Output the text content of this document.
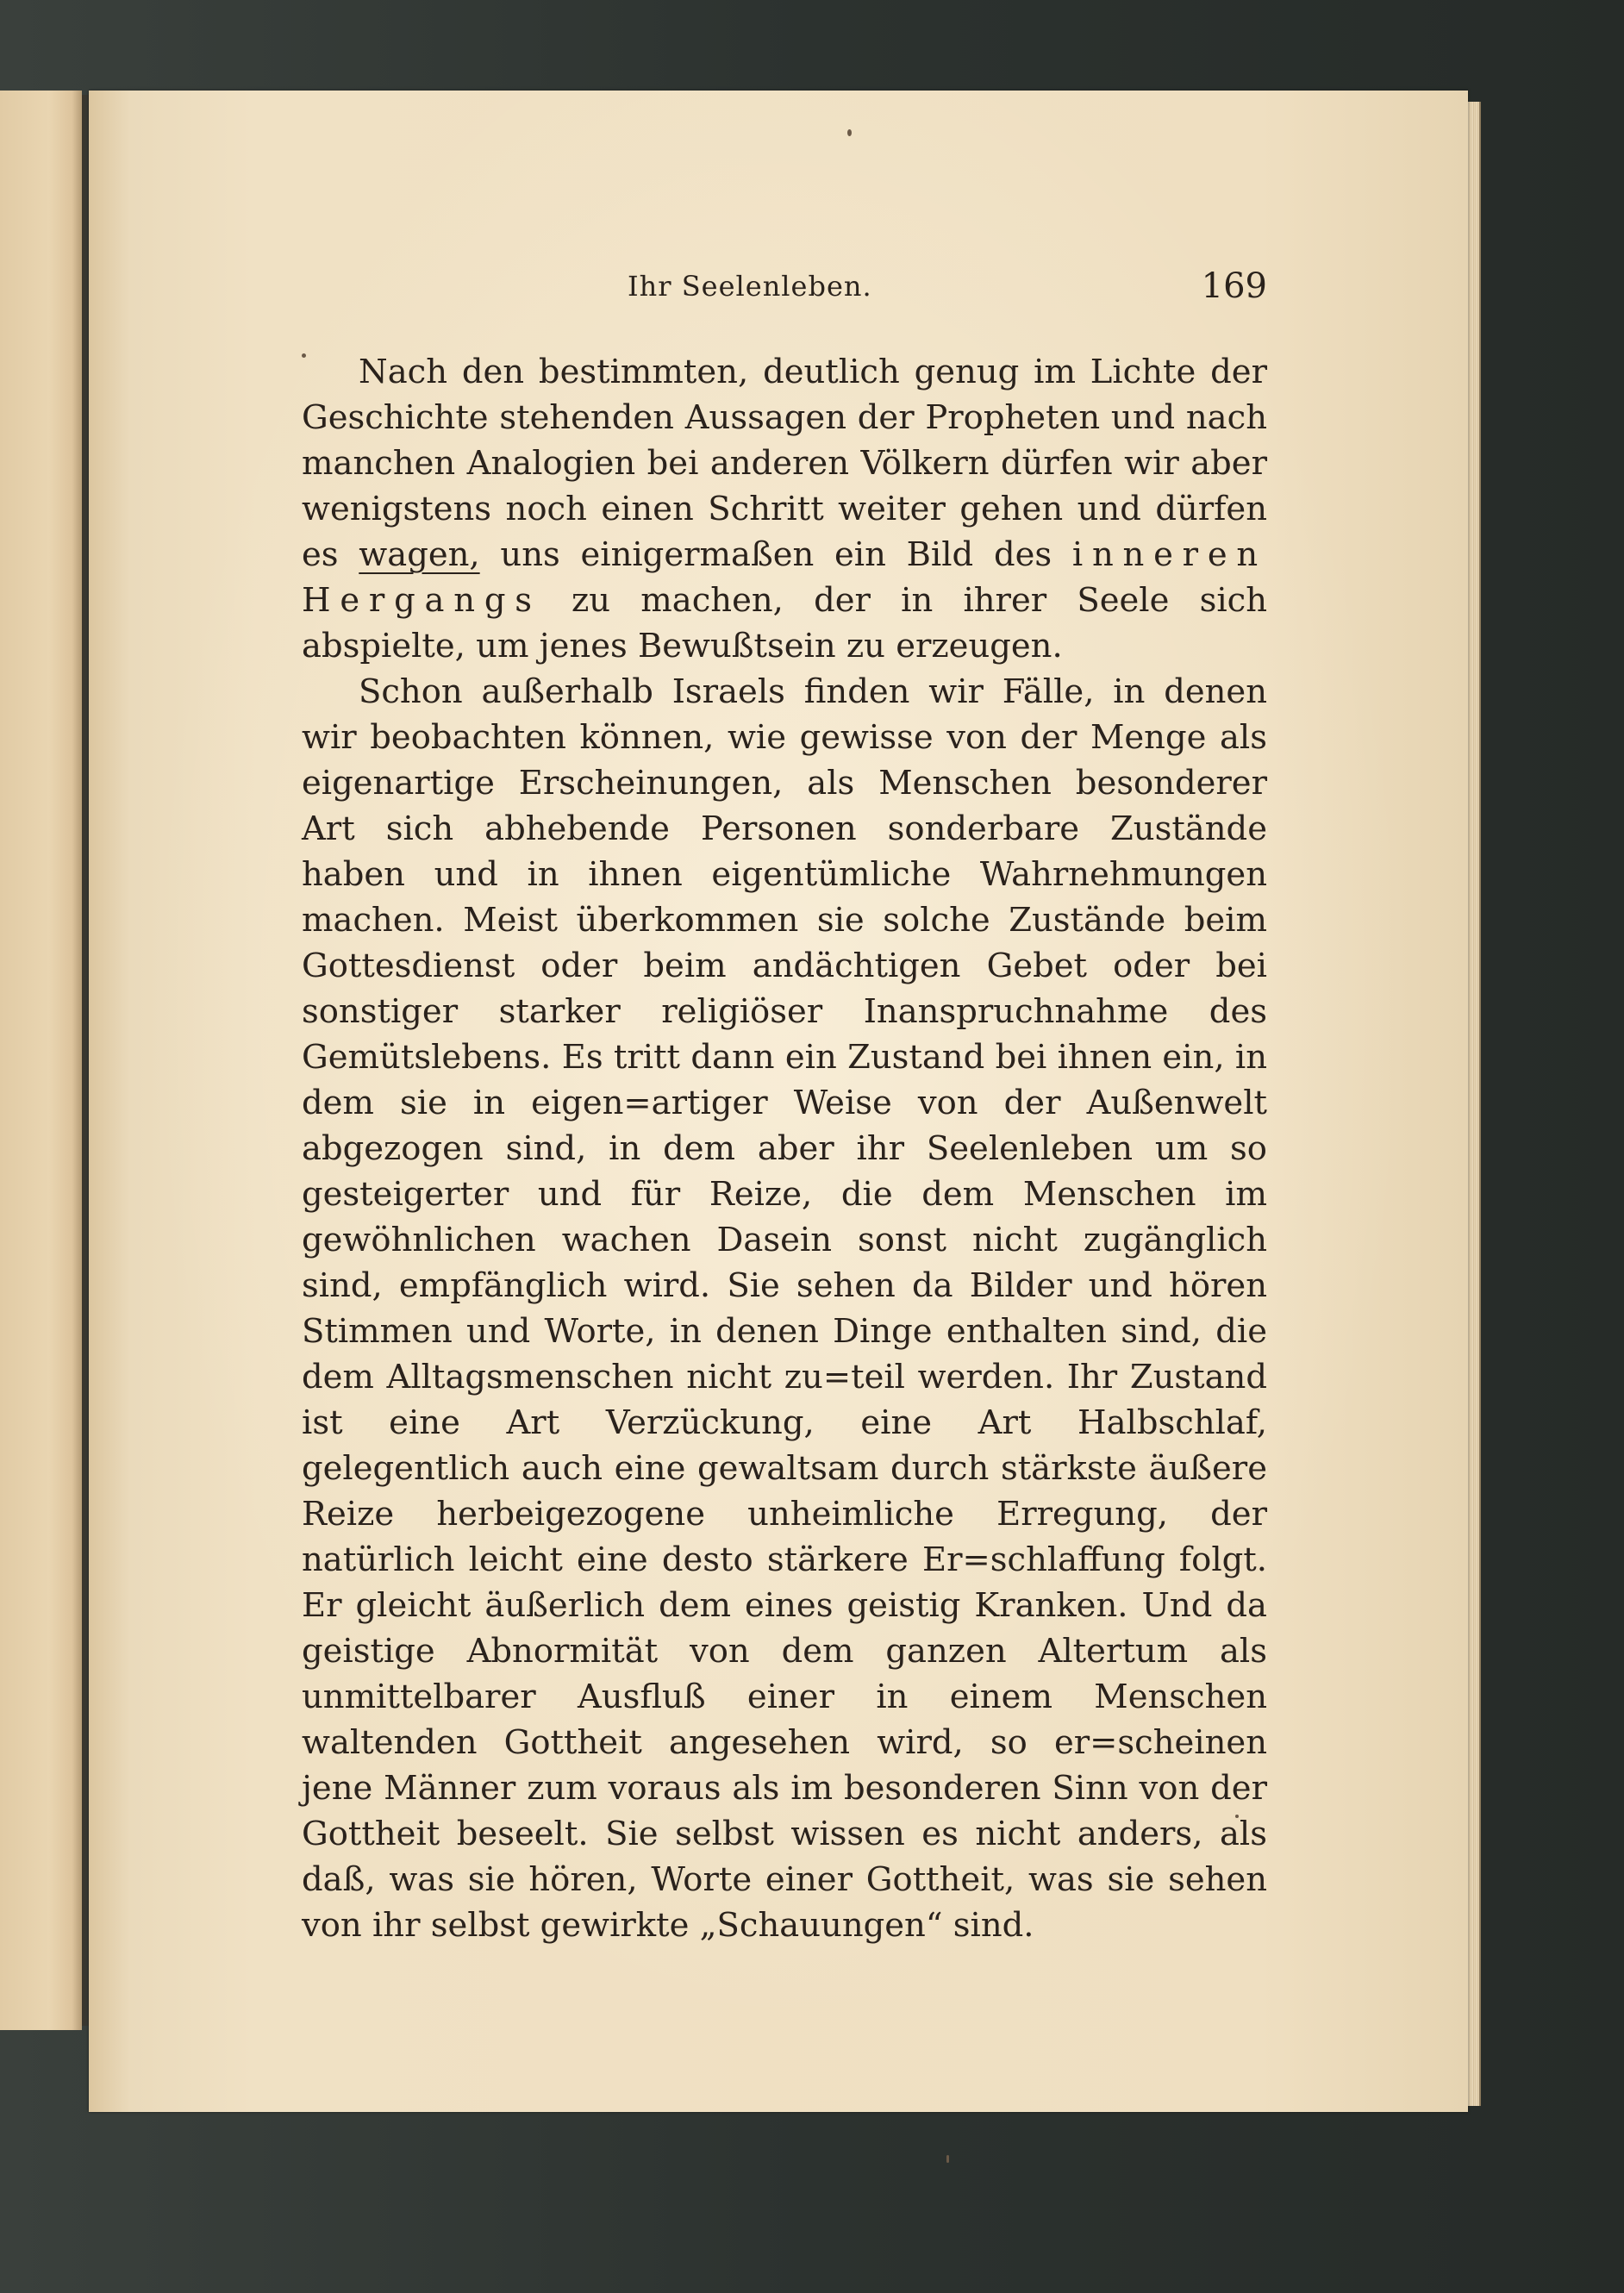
Ihr Seelenleben.	169

Nach den bestimmten, deutlich genug im Lichte der Geschichte stehenden Aussagen der Propheten und nach manchen Analogien bei anderen Völkern dürfen wir aber wenigstens noch einen Schritt weiter gehen und dürfen es wagen, uns einigermaßen ein Bild des inneren Hergangs zu machen, der in ihrer Seele sich abspielte, um jenes Bewußtsein zu erzeugen.

Schon außerhalb Israels finden wir Fälle, in denen wir beobachten können, wie gewisse von der Menge als eigenartige Erscheinungen, als Menschen besonderer Art sich abhebende Personen sonderbare Zustände haben und in ihnen eigentümliche Wahrnehmungen machen. Meist überkommen sie solche Zustände beim Gottesdienst oder beim andächtigen Gebet oder bei sonstiger starker religiöser Inanspruchnahme des Gemütslebens. Es tritt dann ein Zustand bei ihnen ein, in dem sie in eigen=artiger Weise von der Außenwelt abgezogen sind, in dem aber ihr Seelenleben um so gesteigerter und für Reize, die dem Menschen im gewöhnlichen wachen Dasein sonst nicht zugänglich sind, empfänglich wird. Sie sehen da Bilder und hören Stimmen und Worte, in denen Dinge enthalten sind, die dem Alltagsmenschen nicht zu=teil werden. Ihr Zustand ist eine Art Verzückung, eine Art Halbschlaf, gelegentlich auch eine gewaltsam durch stärkste äußere Reize herbeigezogene unheimliche Erregung, der natürlich leicht eine desto stärkere Er=schlaffung folgt. Er gleicht äußerlich dem eines geistig Kranken. Und da geistige Abnormität von dem ganzen Altertum als unmittelbarer Ausfluß einer in einem Menschen waltenden Gottheit angesehen wird, so er=scheinen jene Männer zum voraus als im besonderen Sinn von der Gottheit beseelt. Sie selbst wissen es nicht anders, als daß, was sie hören, Worte einer Gottheit, was sie sehen von ihr selbst gewirkte „Schauungen“ sind.
